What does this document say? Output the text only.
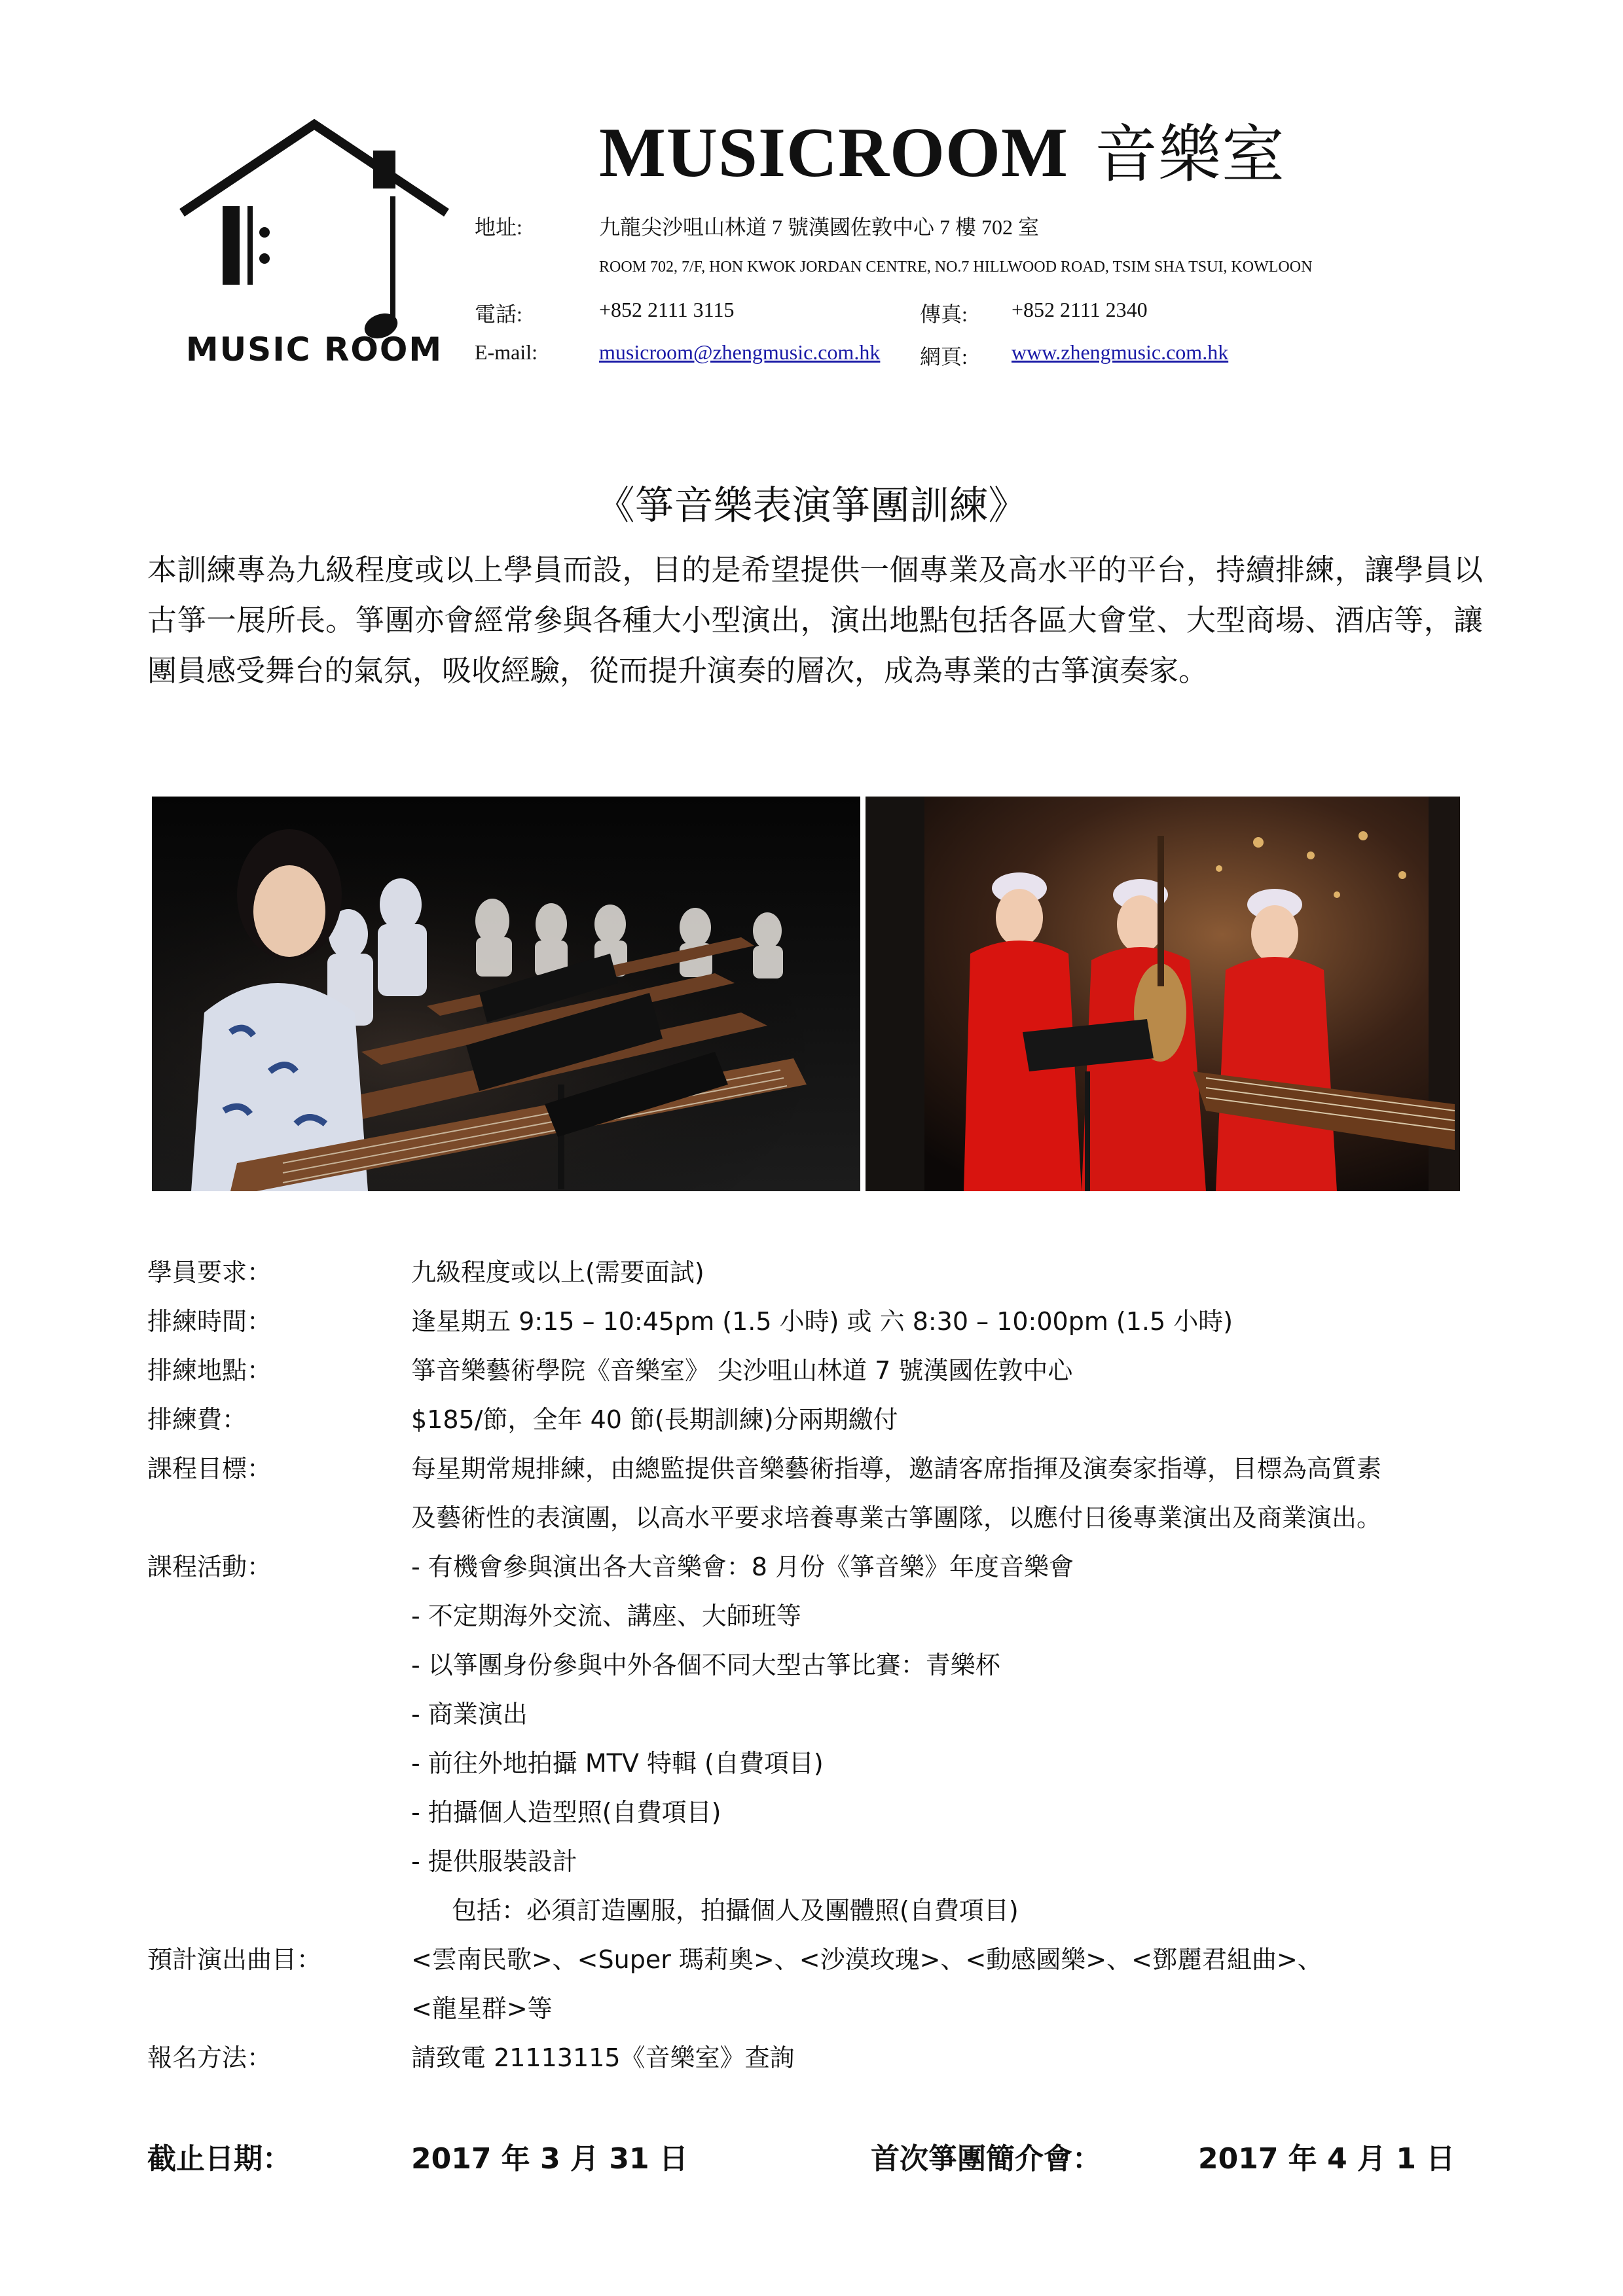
MUSIC ROOM
MUSICROOM 音樂室
地址:	九龍尖沙咀山林道 7 號漢國佐敦中心 7 樓 702 室
ROOM 702, 7/F, HON KWOK JORDAN CENTRE, NO.7 HILLWOOD ROAD, TSIM SHA TSUI, KOWLOON
電話:	+852 2111 3115	傳真: +852 2111 2340
E-mail:	musicroom@zhengmusic.com.hk 網頁: www.zhengmusic.com.hk
《箏音樂表演箏團訓練》
本訓練專為九級程度或以上學員而設，目的是希望提供一個專業及高水平的平台，持續排練，讓學員以古箏一展所長。箏團亦會經常參與各種大小型演出，演出地點包括各區大會堂、大型商場、酒店等，讓團員感受舞台的氣氛，吸收經驗，從而提升演奏的層次，成為專業的古箏演奏家。
學員要求：	九級程度或以上(需要面試)
排練時間：	逢星期五 9:15 – 10:45pm (1.5 小時) 或 六 8:30 – 10:00pm (1.5 小時)
排練地點：	箏音樂藝術學院《音樂室》 尖沙咀山林道 7 號漢國佐敦中心
排練費：	$185/節，全年 40 節(長期訓練)分兩期繳付
課程目標：	每星期常規排練，由總監提供音樂藝術指導，邀請客席指揮及演奏家指導，目標為高質素
及藝術性的表演團，以高水平要求培養專業古箏團隊，以應付日後專業演出及商業演出。
課程活動：	- 有機會參與演出各大音樂會：8 月份《箏音樂》年度音樂會
- 不定期海外交流、講座、大師班等
- 以箏團身份參與中外各個不同大型古箏比賽：青樂杯
- 商業演出
- 前往外地拍攝 MTV 特輯 (自費項目)
- 拍攝個人造型照(自費項目)
- 提供服裝設計
包括：必須訂造團服，拍攝個人及團體照(自費項目)
預計演出曲目：	<雲南民歌>、<Super 瑪莉奧>、<沙漠玫瑰>、<動感國樂>、<鄧麗君組曲>、
<龍星群>等
報名方法：	請致電 21113115《音樂室》查詢
截止日期：	2017 年 3 月 31 日	首次箏團簡介會：	2017 年 4 月 1 日
